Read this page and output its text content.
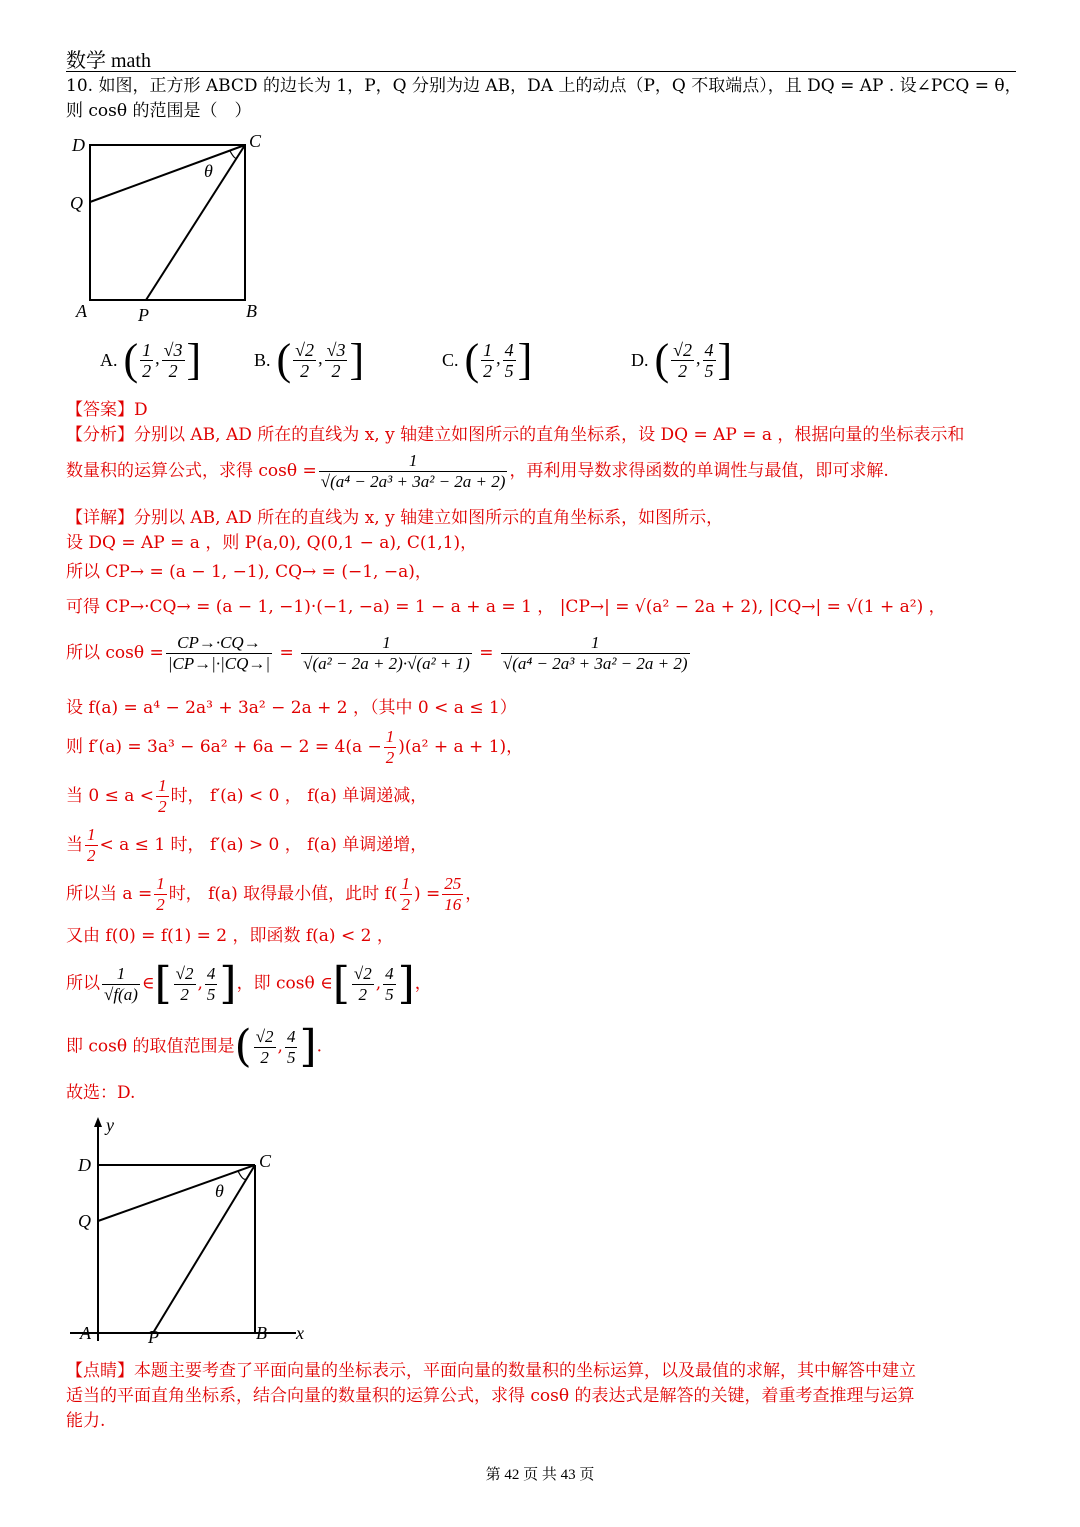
数学 math
10. 如图，正方形 ABCD 的边长为 1，P，Q 分别为边 AB，DA 上的动点（P，Q 不取端点），且 DQ = AP . 设∠PCQ = θ，
则 cosθ 的范围是（　）
D	C
Q
θ
A	P	B
A. ( $\frac{1}{2}$ , $\frac{√3}{2}$ ]	B. ( $\frac{√2}{2}$ , $\frac{√3}{2}$ ]	C. ( $\frac{1}{2}$ , $\frac{4}{5}$ ]	D. ( $\frac{√2}{2}$ , $\frac{4}{5}$ ]
【答案】D
【分析】分别以 AB, AD 所在的直线为 x, y 轴建立如图所示的直角坐标系，设 DQ = AP = a ，根据向量的坐标表示和
数量积的运算公式，求得 $\cos\theta = \frac{1}{\text{√(a⁴ − 2a³ + 3a² − 2a + 2)}}$ ，再利用导数求得函数的单调性与最值，即可求解.
【详解】分别以 AB, AD 所在的直线为 x, y 轴建立如图所示的直角坐标系，如图所示，
设 DQ = AP = a ，则 P(a,0), Q(0,1 − a), C(1,1)，
所以 CP→ = (a − 1, −1), CQ→ = (−1, −a)，
可得 CP→·CQ→ = (a − 1, −1)·(−1, −a) = 1 − a + a = 1 ， |CP→| = √(a² − 2a + 2), |CQ→| = √(1 + a²) ，
所以 $\cos\theta = \frac{CP\to\cdot CQ\to}{|CP\to|\cdot|CQ\to|} = \frac{1}{\text{√(a² − 2a + 2)·√(a² + 1)}} = \frac{1}{\text{√(a⁴ − 2a³ + 3a² − 2a + 2)}}$
设 f(a) = a⁴ − 2a³ + 3a² − 2a + 2 ，（其中 0 < a ≤ 1）
则 $f'(a) = 3a^3 - 6a^2 + 6a - 2 = 4(a - \frac{1}{2} )(a^2 + a + 1)$，
当 $0 \le a < \frac{1}{2}$ 时， f′(a) < 0 ， f(a) 单调递减，
当 $\frac{1}{2} < a \le 1$ 时， f′(a) > 0 ， f(a) 单调递增，
所以当 $a = \frac{1}{2}$ 时， f(a) 取得最小值，此时 $f( \frac{1}{2}$ ) = $\frac{25}{16}$ ，
又由 f(0) = f(1) = 2 ，即函数 f(a) < 2 ，
所以 $\frac{1}{√f(a)}$ ∈[ $\frac{√2}{2}$ , $\frac{4}{5}$ ]，即 cosθ ∈[ $\frac{√2}{2}$ , $\frac{4}{5}$ ]，
即 cosθ 的取值范围是( $\frac{√2}{2}$ , $\frac{4}{5}$ ].
故选：D.
y
D	C
θ
Q
A	P	B x
【点睛】本题主要考查了平面向量的坐标表示，平面向量的数量积的坐标运算，以及最值的求解，其中解答中建立
适当的平面直角坐标系，结合向量的数量积的运算公式，求得 cosθ 的表达式是解答的关键，着重考查推理与运算
能力.
第 42 页 共 43 页
